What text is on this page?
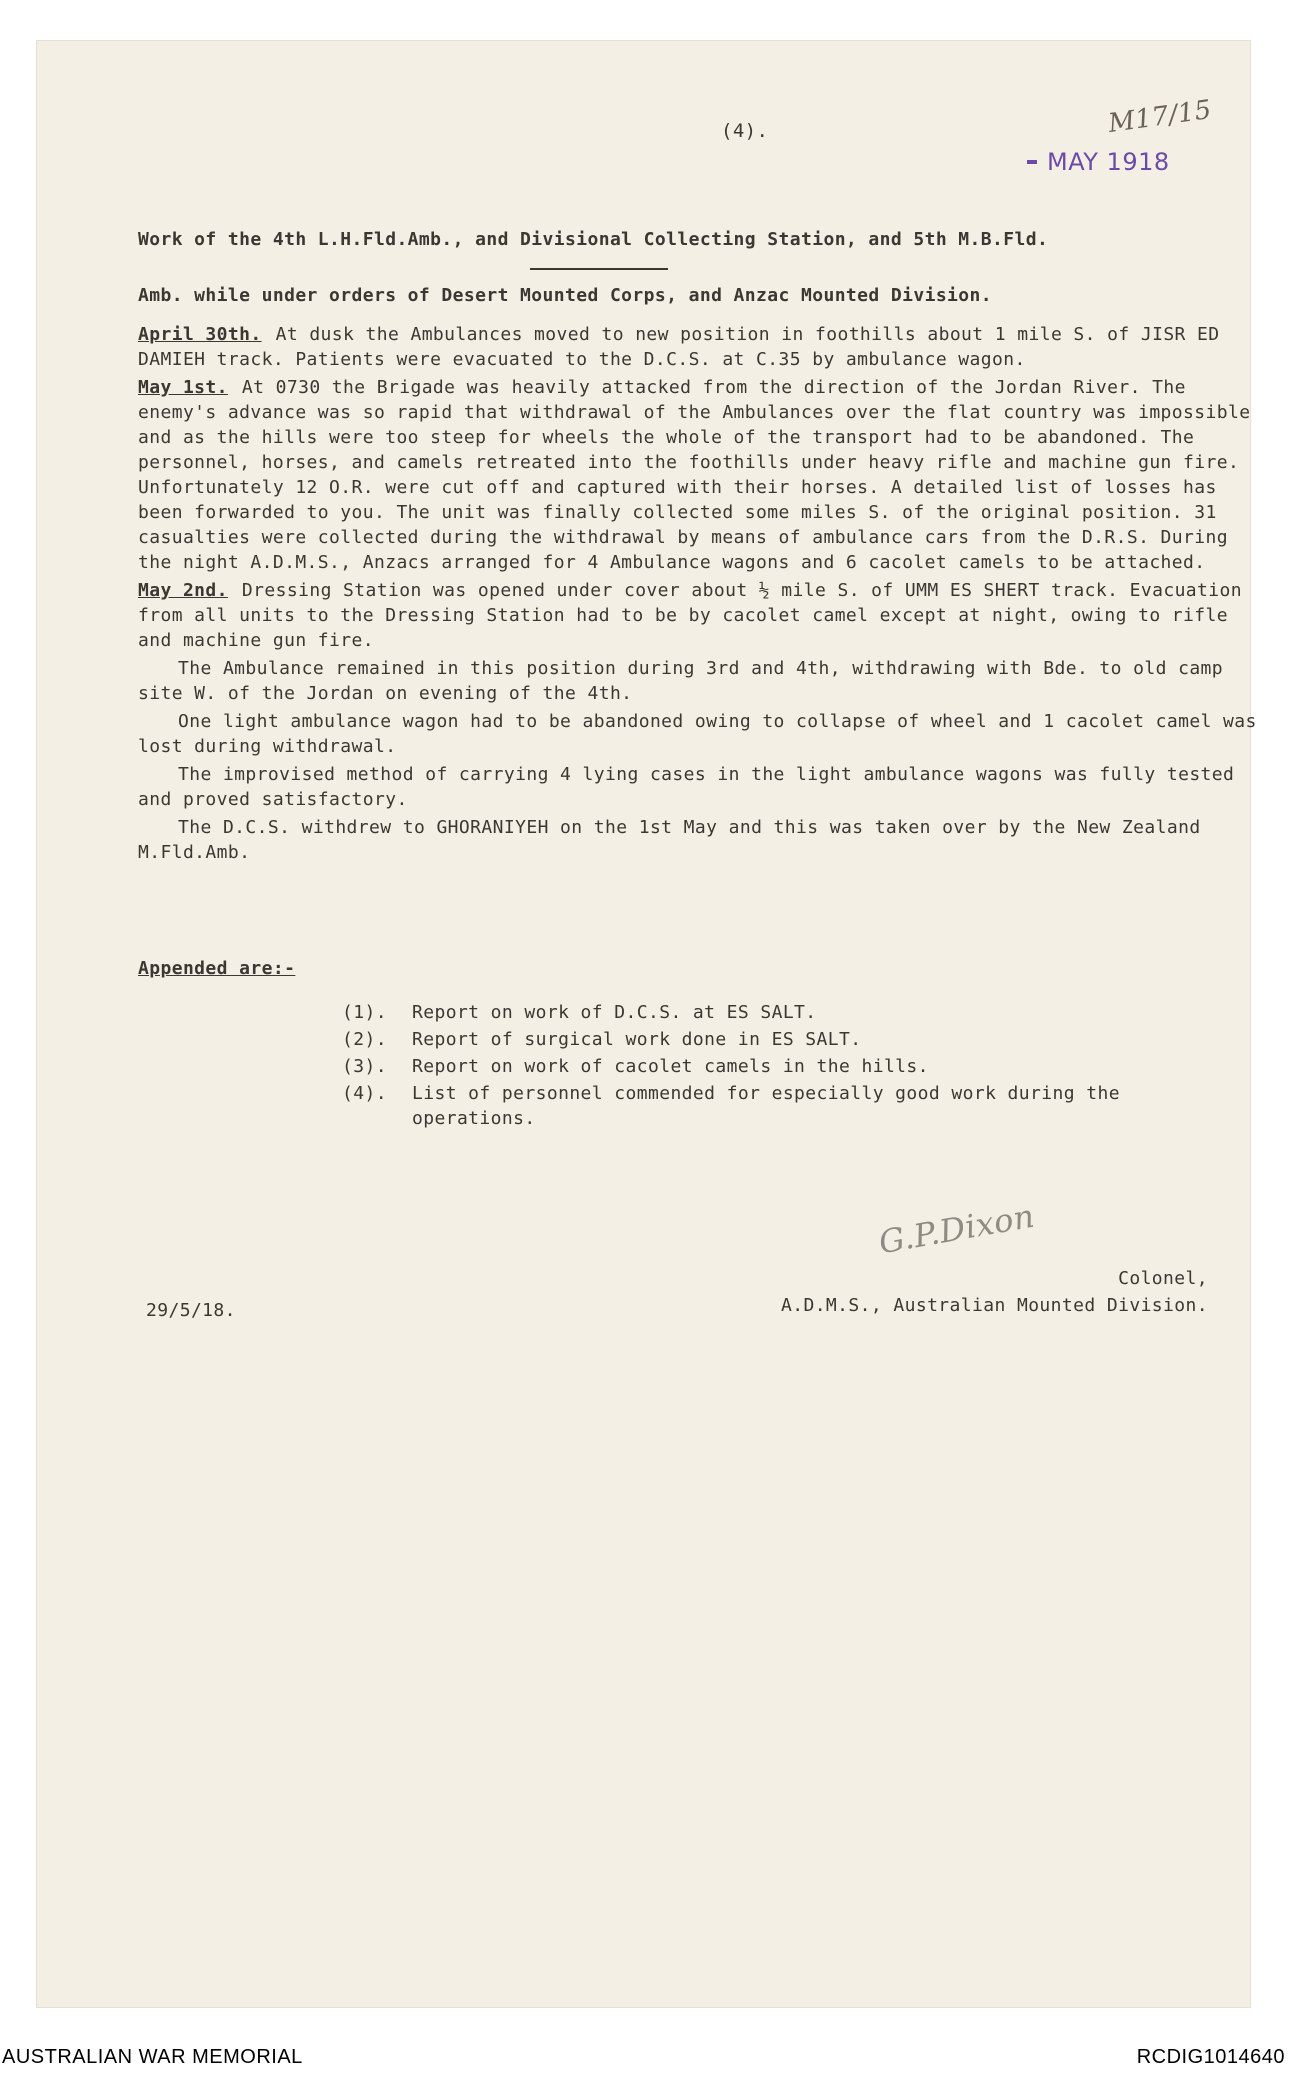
M17/15
MAY 1918
(4).

Work of the 4th L.H.Fld.Amb., and Divisional Collecting Station, and 5th M.B.Fld.

Amb. while under orders of Desert Mounted Corps, and Anzac Mounted Division.

April 30th. At dusk the Ambulances moved to new position in foothills about 1 mile S. of JISR ED DAMIEH track. Patients were evacuated to the D.C.S. at C.35 by ambulance wagon.

May 1st. At 0730 the Brigade was heavily attacked from the direction of the Jordan River. The enemy's advance was so rapid that withdrawal of the Ambulances over the flat country was impossible and as the hills were too steep for wheels the whole of the transport had to be abandoned. The personnel, horses, and camels retreated into the foothills under heavy rifle and machine gun fire. Unfortunately 12 O.R. were cut off and captured with their horses. A detailed list of losses has been forwarded to you. The unit was finally collected some miles S. of the original position. 31 casualties were collected during the withdrawal by means of ambulance cars from the D.R.S. During the night A.D.M.S., Anzacs arranged for 4 Ambulance wagons and 6 cacolet camels to be attached.

May 2nd. Dressing Station was opened under cover about ½ mile S. of UMM ES SHERT track. Evacuation from all units to the Dressing Station had to be by cacolet camel except at night, owing to rifle and machine gun fire.

The Ambulance remained in this position during 3rd and 4th, withdrawing with Bde. to old camp site W. of the Jordan on evening of the 4th.

One light ambulance wagon had to be abandoned owing to collapse of wheel and 1 cacolet camel was lost during withdrawal.

The improvised method of carrying 4 lying cases in the light ambulance wagons was fully tested and proved satisfactory.

The D.C.S. withdrew to GHORANIYEH on the 1st May and this was taken over by the New Zealand M.Fld.Amb.

Appended are:-
(1).	Report on work of D.C.S. at ES SALT.
(2).	Report of surgical work done in ES SALT.
(3).	Report on work of cacolet camels in the hills.
(4).	List of personnel commended for especially good work during the operations.
G.P.Dixon
Colonel,
A.D.M.S., Australian Mounted Division.
29/5/18.
AUSTRALIAN WAR MEMORIAL	RCDIG1014640
